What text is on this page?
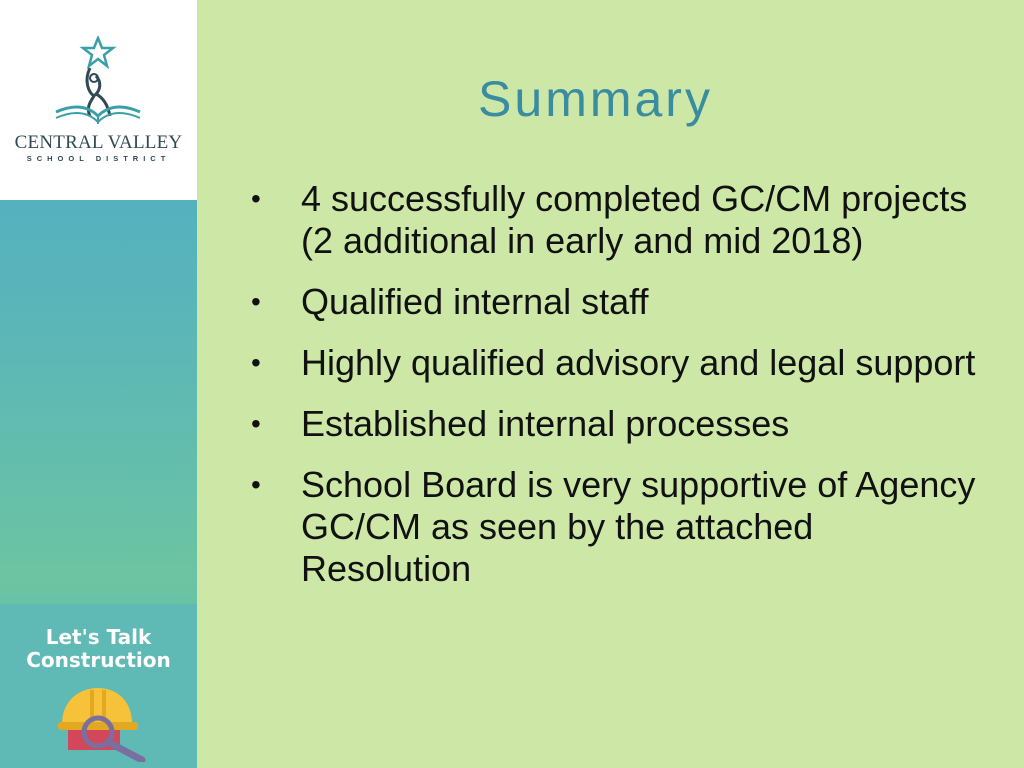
CENTRAL VALLEY
SCHOOL DISTRICT
Let's Talk
Construction
Summary
• 4 successfully completed GC/CM projects (2 additional in early and mid 2018)
• Qualified internal staff
• Highly qualified advisory and legal support
• Established internal processes
• School Board is very supportive of Agency GC/CM as seen by the attached Resolution
